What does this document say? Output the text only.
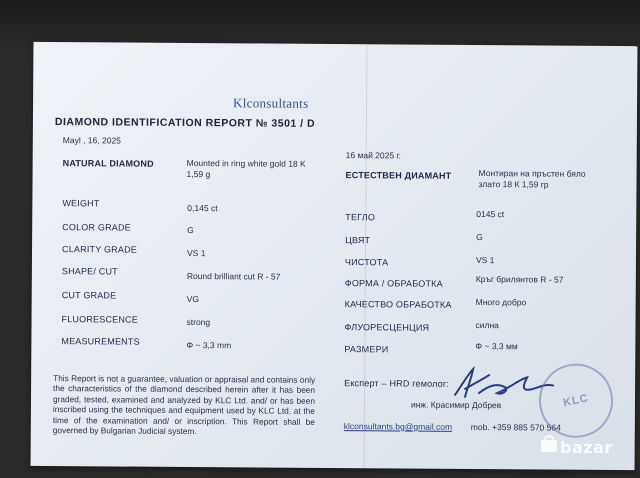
Klconsultants
DIAMOND IDENTIFICATION REPORT № 3501 / D
Mayl , 16, 2025
NATURAL DIAMOND	Mounted in ring white gold 18 K
1,59 g
WEIGHT	0,145 ct
COLOR GRADE	G
CLARITY GRADE	VS 1
SHAPE/ CUT	Round brilliant cut R - 57
CUT GRADE	VG
FLUORESCENCE	strong
MEASUREMENTS	Φ ~ 3,3 mm
This Report is not a guarantee, valuation or appraisal and contains only the characteristics of the diamond described herein after it has been graded, tested, examined and analyzed by KLC Ltd. and/ or has been inscribed using the techniques and equipment used by KLC Ltd. at the time of the examination and/ or inscription. This Report shall be governed by Bulgarian Judicial system.
16 май 2025 г.
ЕСТЕСТВЕН ДИАМАНТ	Монтиран на пръстен бяло
злато 18 К 1,59 гр
ТЕГЛО	0145 ct
ЦВЯТ	G
ЧИСТОТА	VS 1
ФОРМА / ОБРАБОТКА	Кръг брилянтов R - 57
КАЧЕСТВО ОБРАБОТКА	Много добро
ФЛУОРЕСЦЕНЦИЯ	силна
РАЗМЕРИ	Φ ~ 3,3 мм
Експерт – HRD гемолог:
инж. Красимир Добрев
klconsultants.bg@gmail.com mob. +359 885 570 564
KLC
bazar
